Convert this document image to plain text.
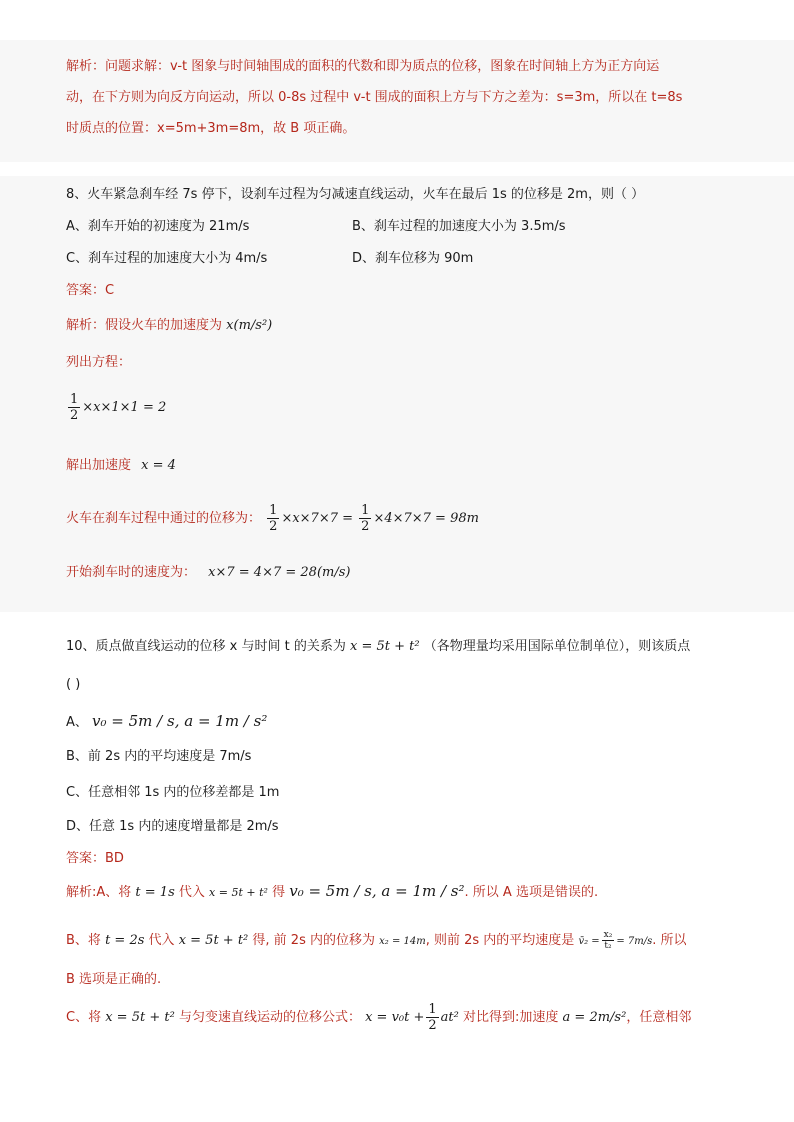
解析：问题求解：v-t 图象与时间轴围成的面积的代数和即为质点的位移，图象在时间轴上方为正方向运
动，在下方则为向反方向运动，所以 0-8s 过程中 v-t 围成的面积上方与下方之差为：s=3m，所以在 t=8s
时质点的位置：x=5m+3m=8m，故 B 项正确。
8、火车紧急刹车经 7s 停下，设刹车过程为匀减速直线运动，火车在最后 1s 的位移是 2m，则（ ）
A、刹车开始的初速度为 21m/s	B、刹车过程的加速度大小为 3.5m/s
C、刹车过程的加速度大小为 4m/s	D、刹车位移为 90m
答案：C
解析：假设火车的加速度为 x(m/s²)
列出方程：
$\frac{1}{2} \times x\times 1\times 1 = 2$
解出加速度 x = 4
火车在刹车过程中通过的位移为： $\frac{1}{2} \times x\times 7\times 7 = \frac{1}{2} \times 4\times 7\times 7 = 98m$
开始刹车时的速度为： x×7 = 4×7 = 28(m/s)
10、质点做直线运动的位移 x 与时间 t 的关系为 x = 5t + t² （各物理量均采用国际单位制单位），则该质点
( )
A、 v₀ = 5m / s, a = 1m / s²
B、前 2s 内的平均速度是 7m/s
C、任意相邻 1s 内的位移差都是 1m
D、任意 1s 内的速度增量都是 2m/s
答案：BD
解析:A、将 t = 1s 代入 x = 5t + t² 得 v₀ = 5m / s, a = 1m / s². 所以 A 选项是错误的.
B、将 t = 2s 代入 x = 5t + t² 得, 前 2s 内的位移为 x₂ = 14m, 则前 2s 内的平均速度是 v̄₂ = $\frac{\text{x₂}}{\text{t₂}} = 7m/s$. 所以
B 选项是正确的.
C、将 x = 5t + t² 与匀变速直线运动的位移公式： $x = v_0t + \frac{1}{2} at^2$ 对比得到:加速度 a = 2m/s²，任意相邻
